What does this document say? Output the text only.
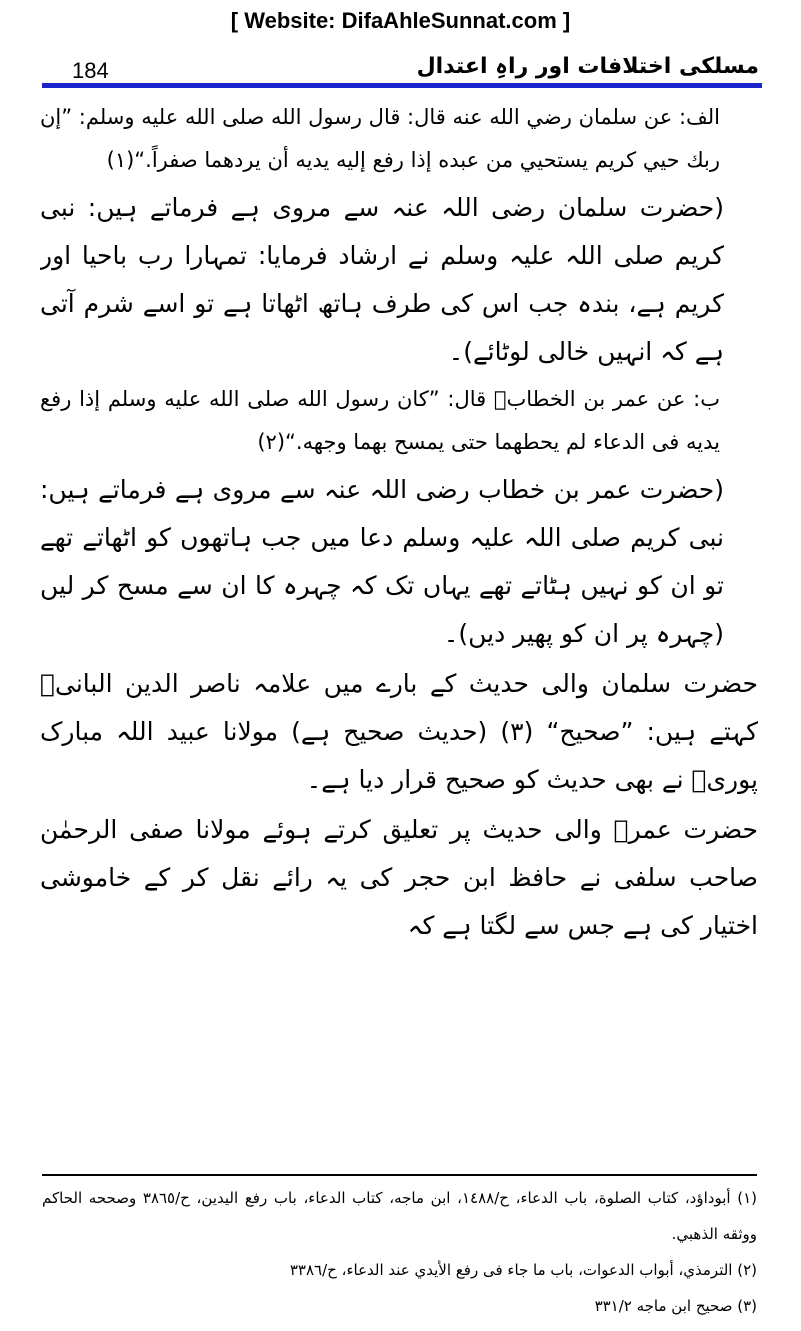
[ Website: DifaAhleSunnat.com ]
184	مسلکی اختلافات اور راہِ اعتدال

الف: عن سلمان رضي الله عنه قال: قال رسول الله صلى الله عليه وسلم: ”إن ربك حيي كريم يستحيي من عبده إذا رفع إليه يديه أن يردهما صفراً.“(١)

(حضرت سلمان رضی اللہ عنہ سے مروی ہے فرماتے ہیں: نبی کریم صلی اللہ علیہ وسلم نے ارشاد فرمایا: تمہارا رب باحیا اور کریم ہے، بندہ جب اس کی طرف ہاتھ اٹھاتا ہے تو اسے شرم آتی ہے کہ انہیں خالی لوٹائے)۔

ب: عن عمر بن الخطابؓ قال: ”كان رسول الله صلى الله عليه وسلم إذا رفع يديه فى الدعاء لم يحطهما حتى يمسح بهما وجهه.“(٢)

(حضرت عمر بن خطاب رضی اللہ عنہ سے مروی ہے فرماتے ہیں: نبی کریم صلی اللہ علیہ وسلم دعا میں جب ہاتھوں کو اٹھاتے تھے تو ان کو نہیں ہٹاتے تھے یہاں تک کہ چہرہ کا ان سے مسح کر لیں (چہرہ پر ان کو پھیر دیں)۔

حضرت سلمان والی حدیث کے بارے میں علامہ ناصر الدین البانیؒ کہتے ہیں: ”صحیح“ (۳) (حدیث صحیح ہے) مولانا عبید اللہ مبارک پوریؒ نے بھی حدیث کو صحیح قرار دیا ہے۔

حضرت عمرؓ والی حدیث پر تعلیق کرتے ہوئے مولانا صفی الرحمٰن صاحب سلفی نے حافظ ابن حجر کی یہ رائے نقل کر کے خاموشی اختیار کی ہے جس سے لگتا ہے کہ

(١) أبوداؤد، كتاب الصلوة، باب الدعاء، ح/١٤٨٨، ابن ماجه، كتاب الدعاء، باب رفع اليدين، ح/٣٨٦٥ وصححه الحاكم ووثقه الذهبي.

(٢) الترمذي، أبواب الدعوات، باب ما جاء فى رفع الأيدي عند الدعاء، ح/٣٣٨٦

(٣) صحيح ابن ماجه ٣٣١/٢
